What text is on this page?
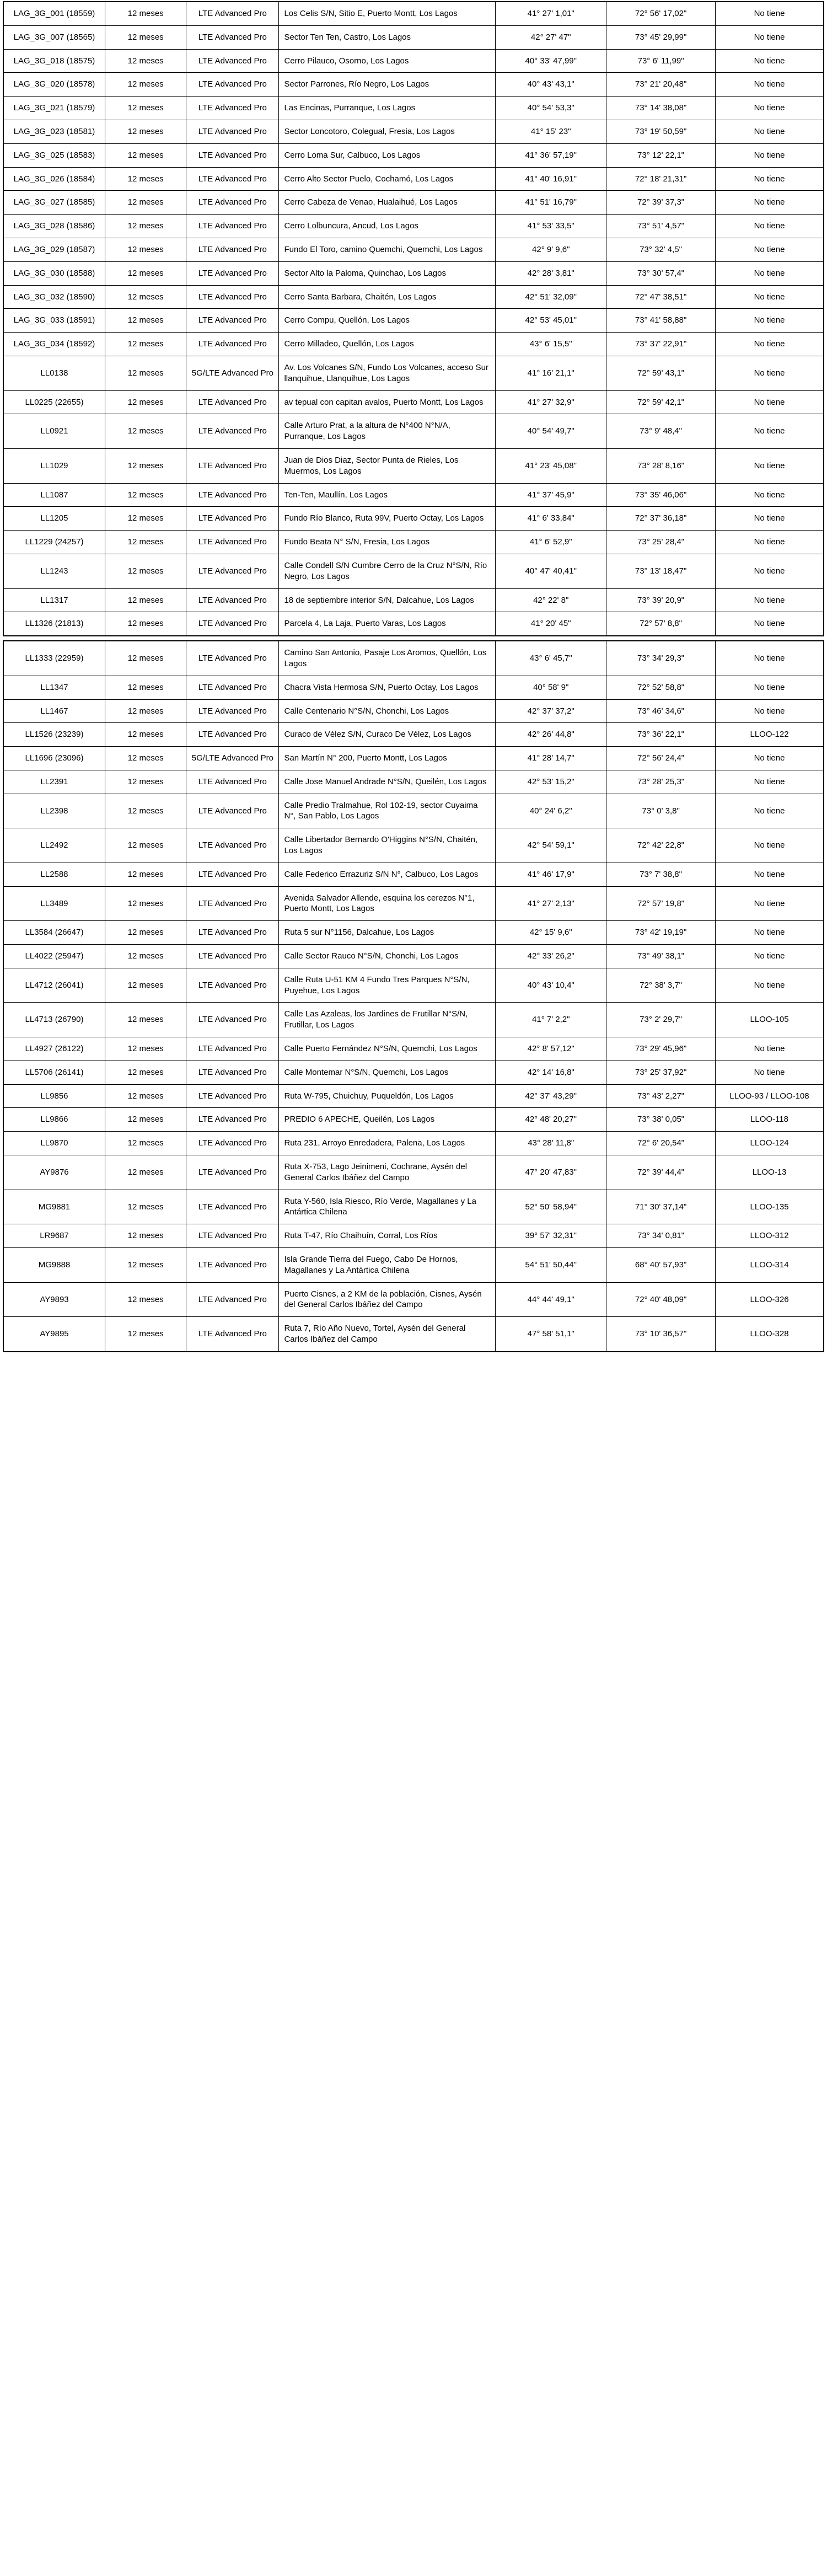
LAG_3G_001 (18559)	12 meses	LTE Advanced Pro	Los Celis S/N, Sitio E, Puerto Montt, Los Lagos	41° 27' 1,01"	72° 56' 17,02"	No tiene
LAG_3G_007 (18565)	12 meses	LTE Advanced Pro	Sector Ten Ten, Castro, Los Lagos	42° 27' 47"	73° 45' 29,99"	No tiene
LAG_3G_018 (18575)	12 meses	LTE Advanced Pro	Cerro Pilauco, Osorno, Los Lagos	40° 33' 47,99"	73° 6' 11,99"	No tiene
LAG_3G_020 (18578)	12 meses	LTE Advanced Pro	Sector Parrones, Río Negro, Los Lagos	40° 43' 43,1"	73° 21' 20,48"	No tiene
LAG_3G_021 (18579)	12 meses	LTE Advanced Pro	Las Encinas, Purranque, Los Lagos	40° 54' 53,3"	73° 14' 38,08"	No tiene
LAG_3G_023 (18581)	12 meses	LTE Advanced Pro	Sector Loncotoro, Colegual, Fresia, Los Lagos	41° 15' 23"	73° 19' 50,59"	No tiene
LAG_3G_025 (18583)	12 meses	LTE Advanced Pro	Cerro Loma Sur, Calbuco, Los Lagos	41° 36' 57,19"	73° 12' 22,1"	No tiene
LAG_3G_026 (18584)	12 meses	LTE Advanced Pro	Cerro Alto Sector Puelo, Cochamó, Los Lagos	41° 40' 16,91"	72° 18' 21,31"	No tiene
LAG_3G_027 (18585)	12 meses	LTE Advanced Pro	Cerro Cabeza de Venao, Hualaihué, Los Lagos	41° 51' 16,79"	72° 39' 37,3"	No tiene
LAG_3G_028 (18586)	12 meses	LTE Advanced Pro	Cerro Lolbuncura, Ancud, Los Lagos	41° 53' 33,5"	73° 51' 4,57"	No tiene
LAG_3G_029 (18587)	12 meses	LTE Advanced Pro	Fundo El Toro, camino Quemchi, Quemchi, Los Lagos	42° 9' 9,6"	73° 32' 4,5"	No tiene
LAG_3G_030 (18588)	12 meses	LTE Advanced Pro	Sector Alto la Paloma, Quinchao, Los Lagos	42° 28' 3,81"	73° 30' 57,4"	No tiene
LAG_3G_032 (18590)	12 meses	LTE Advanced Pro	Cerro Santa Barbara, Chaitén, Los Lagos	42° 51' 32,09"	72° 47' 38,51"	No tiene
LAG_3G_033 (18591)	12 meses	LTE Advanced Pro	Cerro Compu, Quellón, Los Lagos	42° 53' 45,01"	73° 41' 58,88"	No tiene
LAG_3G_034 (18592)	12 meses	LTE Advanced Pro	Cerro Milladeo, Quellón, Los Lagos	43° 6' 15,5"	73° 37' 22,91"	No tiene
LL0138	12 meses	5G/LTE Advanced Pro	Av. Los Volcanes S/N, Fundo Los Volcanes, acceso Sur llanquihue, Llanquihue, Los Lagos	41° 16' 21,1"	72° 59' 43,1"	No tiene
LL0225 (22655)	12 meses	LTE Advanced Pro	av tepual con capitan avalos, Puerto Montt, Los Lagos	41° 27' 32,9"	72° 59' 42,1"	No tiene
LL0921	12 meses	LTE Advanced Pro	Calle Arturo Prat, a la altura de N°400 N°N/A, Purranque, Los Lagos	40° 54' 49,7"	73° 9' 48,4"	No tiene
LL1029	12 meses	LTE Advanced Pro	Juan de Dios Diaz, Sector Punta de Rieles, Los Muermos, Los Lagos	41° 23' 45,08"	73° 28' 8,16"	No tiene
LL1087	12 meses	LTE Advanced Pro	Ten-Ten, Maullín, Los Lagos	41° 37' 45,9"	73° 35' 46,06"	No tiene
LL1205	12 meses	LTE Advanced Pro	Fundo Río Blanco, Ruta 99V, Puerto Octay, Los Lagos	41° 6' 33,84"	72° 37' 36,18"	No tiene
LL1229 (24257)	12 meses	LTE Advanced Pro	Fundo Beata N° S/N, Fresia, Los Lagos	41° 6' 52,9"	73° 25' 28,4"	No tiene
LL1243	12 meses	LTE Advanced Pro	Calle Condell S/N Cumbre Cerro de la Cruz N°S/N, Río Negro, Los Lagos	40° 47' 40,41"	73° 13' 18,47"	No tiene
LL1317	12 meses	LTE Advanced Pro	18 de septiembre interior S/N, Dalcahue, Los Lagos	42° 22' 8"	73° 39' 20,9"	No tiene
LL1326 (21813)	12 meses	LTE Advanced Pro	Parcela 4, La Laja, Puerto Varas, Los Lagos	41° 20' 45"	72° 57' 8,8"	No tiene
LL1333 (22959)	12 meses	LTE Advanced Pro	Camino San Antonio, Pasaje Los Aromos, Quellón, Los Lagos	43° 6' 45,7"	73° 34' 29,3"	No tiene
LL1347	12 meses	LTE Advanced Pro	Chacra Vista Hermosa S/N, Puerto Octay, Los Lagos	40° 58' 9"	72° 52' 58,8"	No tiene
LL1467	12 meses	LTE Advanced Pro	Calle Centenario N°S/N, Chonchi, Los Lagos	42° 37' 37,2"	73° 46' 34,6"	No tiene
LL1526 (23239)	12 meses	LTE Advanced Pro	Curaco de Vélez S/N, Curaco De Vélez, Los Lagos	42° 26' 44,8"	73° 36' 22,1"	LLOO-122
LL1696 (23096)	12 meses	5G/LTE Advanced Pro	San Martín N° 200, Puerto Montt, Los Lagos	41° 28' 14,7"	72° 56' 24,4"	No tiene
LL2391	12 meses	LTE Advanced Pro	Calle Jose Manuel Andrade N°S/N, Queilén, Los Lagos	42° 53' 15,2"	73° 28' 25,3"	No tiene
LL2398	12 meses	LTE Advanced Pro	Calle Predio Tralmahue, Rol 102-19, sector Cuyaima N°, San Pablo, Los Lagos	40° 24' 6,2"	73° 0' 3,8"	No tiene
LL2492	12 meses	LTE Advanced Pro	Calle Libertador Bernardo O'Higgins N°S/N, Chaitén, Los Lagos	42° 54' 59,1"	72° 42' 22,8"	No tiene
LL2588	12 meses	LTE Advanced Pro	Calle Federico Errazuriz S/N N°, Calbuco, Los Lagos	41° 46' 17,9"	73° 7' 38,8"	No tiene
LL3489	12 meses	LTE Advanced Pro	Avenida Salvador Allende, esquina los cerezos N°1, Puerto Montt, Los Lagos	41° 27' 2,13"	72° 57' 19,8"	No tiene
LL3584 (26647)	12 meses	LTE Advanced Pro	Ruta 5 sur N°1156, Dalcahue, Los Lagos	42° 15' 9,6"	73° 42' 19,19"	No tiene
LL4022 (25947)	12 meses	LTE Advanced Pro	Calle Sector Rauco N°S/N, Chonchi, Los Lagos	42° 33' 26,2"	73° 49' 38,1"	No tiene
LL4712 (26041)	12 meses	LTE Advanced Pro	Calle Ruta U-51 KM 4 Fundo Tres Parques N°S/N, Puyehue, Los Lagos	40° 43' 10,4"	72° 38' 3,7"	No tiene
LL4713 (26790)	12 meses	LTE Advanced Pro	Calle Las Azaleas, los Jardines de Frutillar N°S/N, Frutillar, Los Lagos	41° 7' 2,2"	73° 2' 29,7"	LLOO-105
LL4927 (26122)	12 meses	LTE Advanced Pro	Calle Puerto Fernández N°S/N, Quemchi, Los Lagos	42° 8' 57,12"	73° 29' 45,96"	No tiene
LL5706 (26141)	12 meses	LTE Advanced Pro	Calle Montemar N°S/N, Quemchi, Los Lagos	42° 14' 16,8"	73° 25' 37,92"	No tiene
LL9856	12 meses	LTE Advanced Pro	Ruta W-795, Chuichuy, Puqueldón, Los Lagos	42° 37' 43,29"	73° 43' 2,27"	LLOO-93 / LLOO-108
LL9866	12 meses	LTE Advanced Pro	PREDIO 6 APECHE, Queilén, Los Lagos	42° 48' 20,27"	73° 38' 0,05"	LLOO-118
LL9870	12 meses	LTE Advanced Pro	Ruta 231, Arroyo Enredadera, Palena, Los Lagos	43° 28' 11,8"	72° 6' 20,54"	LLOO-124
AY9876	12 meses	LTE Advanced Pro	Ruta X-753, Lago Jeinimeni, Cochrane, Aysén del General Carlos Ibáñez del Campo	47° 20' 47,83"	72° 39' 44,4"	LLOO-13
MG9881	12 meses	LTE Advanced Pro	Ruta Y-560, Isla Riesco, Río Verde, Magallanes y La Antártica Chilena	52° 50' 58,94"	71° 30' 37,14"	LLOO-135
LR9687	12 meses	LTE Advanced Pro	Ruta T-47, Río Chaihuín, Corral, Los Ríos	39° 57' 32,31"	73° 34' 0,81"	LLOO-312
MG9888	12 meses	LTE Advanced Pro	Isla Grande Tierra del Fuego, Cabo De Hornos, Magallanes y La Antártica Chilena	54° 51' 50,44"	68° 40' 57,93"	LLOO-314
AY9893	12 meses	LTE Advanced Pro	Puerto Cisnes, a 2 KM de la población, Cisnes, Aysén del General Carlos Ibáñez del Campo	44° 44' 49,1"	72° 40' 48,09"	LLOO-326
AY9895	12 meses	LTE Advanced Pro	Ruta 7, Río Año Nuevo, Tortel, Aysén del General Carlos Ibáñez del Campo	47° 58' 51,1"	73° 10' 36,57"	LLOO-328
